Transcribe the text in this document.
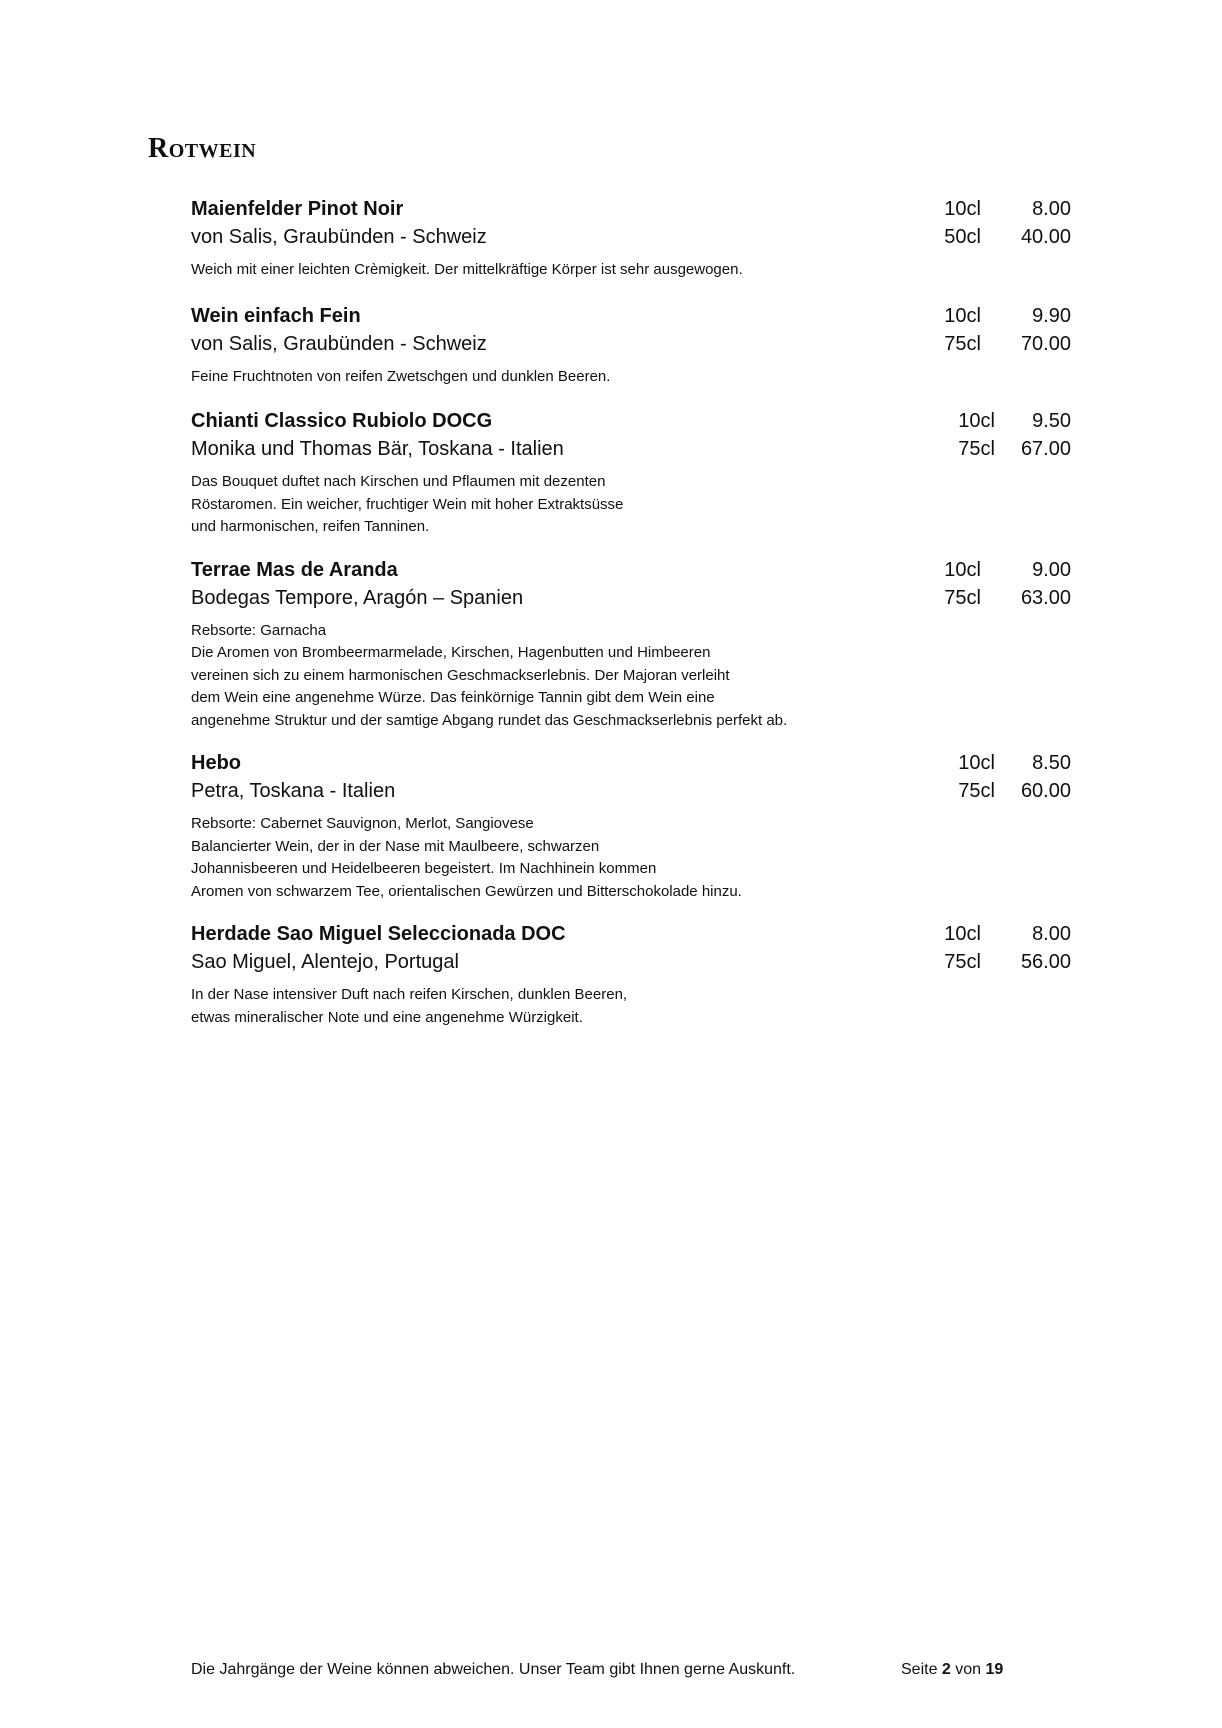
Rotwein
Maienfelder Pinot Noir	10cl	8.00
von Salis, Graubünden - Schweiz	50cl	40.00
Weich mit einer leichten Crèmigkeit. Der mittelkräftige Körper ist sehr ausgewogen.
Wein einfach Fein	10cl	9.90
von Salis, Graubünden - Schweiz	75cl	70.00
Feine Fruchtnoten von reifen Zwetschgen und dunklen Beeren.
Chianti Classico Rubiolo DOCG	10cl	9.50
Monika und Thomas Bär, Toskana - Italien	75cl	67.00
Das Bouquet duftet nach Kirschen und Pflaumen mit dezenten
Röstaromen. Ein weicher, fruchtiger Wein mit hoher Extraktsüsse
und harmonischen, reifen Tanninen.
Terrae Mas de Aranda	10cl	9.00
Bodegas Tempore, Aragón – Spanien	75cl	63.00
Rebsorte: Garnacha
Die Aromen von Brombeermarmelade, Kirschen, Hagenbutten und Himbeeren
vereinen sich zu einem harmonischen Geschmackserlebnis. Der Majoran verleiht
dem Wein eine angenehme Würze. Das feinkörnige Tannin gibt dem Wein eine
angenehme Struktur und der samtige Abgang rundet das Geschmackserlebnis perfekt ab.
Hebo	10cl	8.50
Petra, Toskana - Italien	75cl	60.00
Rebsorte: Cabernet Sauvignon, Merlot, Sangiovese
Balancierter Wein, der in der Nase mit Maulbeere, schwarzen
Johannisbeeren und Heidelbeeren begeistert. Im Nachhinein kommen
Aromen von schwarzem Tee, orientalischen Gewürzen und Bitterschokolade hinzu.
Herdade Sao Miguel Seleccionada DOC	10cl	8.00
Sao Miguel, Alentejo, Portugal	75cl	56.00
In der Nase intensiver Duft nach reifen Kirschen, dunklen Beeren,
etwas mineralischer Note und eine angenehme Würzigkeit.
Die Jahrgänge der Weine können abweichen. Unser Team gibt Ihnen gerne Auskunft.	Seite 2 von 19
